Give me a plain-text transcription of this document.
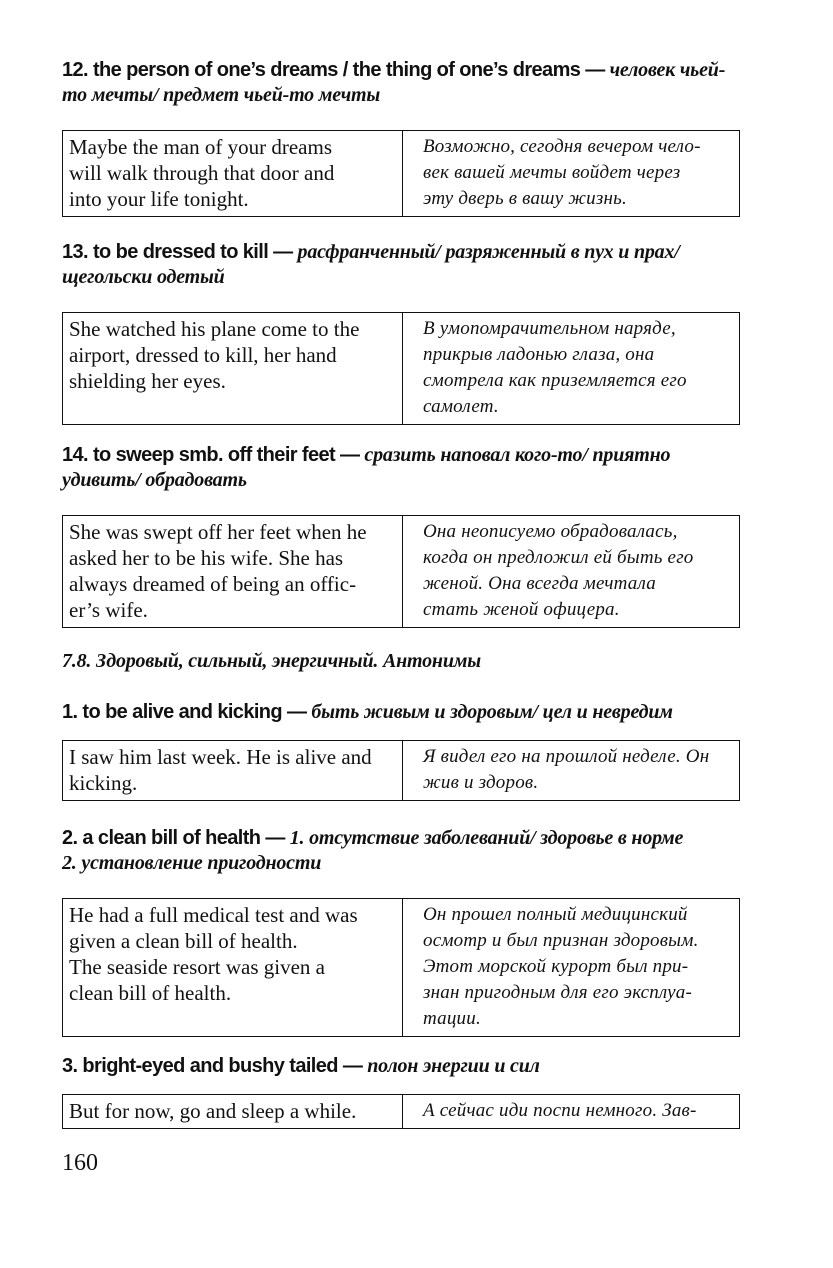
12. the person of one’s dreams / the thing of one’s dreams — человек чьей-
то мечты/ предмет чьей-то мечты
Maybe the man of your dreams
will walk through that door and
into your life tonight.
Возможно, сегодня вечером чело-
век вашей мечты войдет через
эту дверь в вашу жизнь.
13. to be dressed to kill — расфранченный/ разряженный в пух и прах/
щегольски одетый
She watched his plane come to the
airport, dressed to kill, her hand
shielding her eyes.
В умопомрачительном наряде,
прикрыв ладонью глаза, она
смотрела как приземляется его
самолет.
14. to sweep smb. off their feet — сразить наповал кого-то/ приятно
удивить/ обрадовать
She was swept off her feet when he
asked her to be his wife. She has
always dreamed of being an offic-
er’s wife.
Она неописуемо обрадовалась,
когда он предложил ей быть его
женой. Она всегда мечтала
стать женой офицера.
7.8. Здоровый, сильный, энергичный. Антонимы
1. to be alive and kicking — быть живым и здоровым/ цел и невредим
I saw him last week. He is alive and
kicking.
Я видел его на прошлой неделе. Он
жив и здоров.
2. a clean bill of health — 1. отсутствие заболеваний/ здоровье в норме
2. установление пригодности
He had a full medical test and was
given a clean bill of health.
The seaside resort was given a
clean bill of health.
Он прошел полный медицинский
осмотр и был признан здоровым.
Этот морской курорт был при-
знан пригодным для его эксплуа-
тации.
3. bright-eyed and bushy tailed — полон энергии и сил
But for now, go and sleep a while.	А сейчас иди поспи немного. Зав-
160
